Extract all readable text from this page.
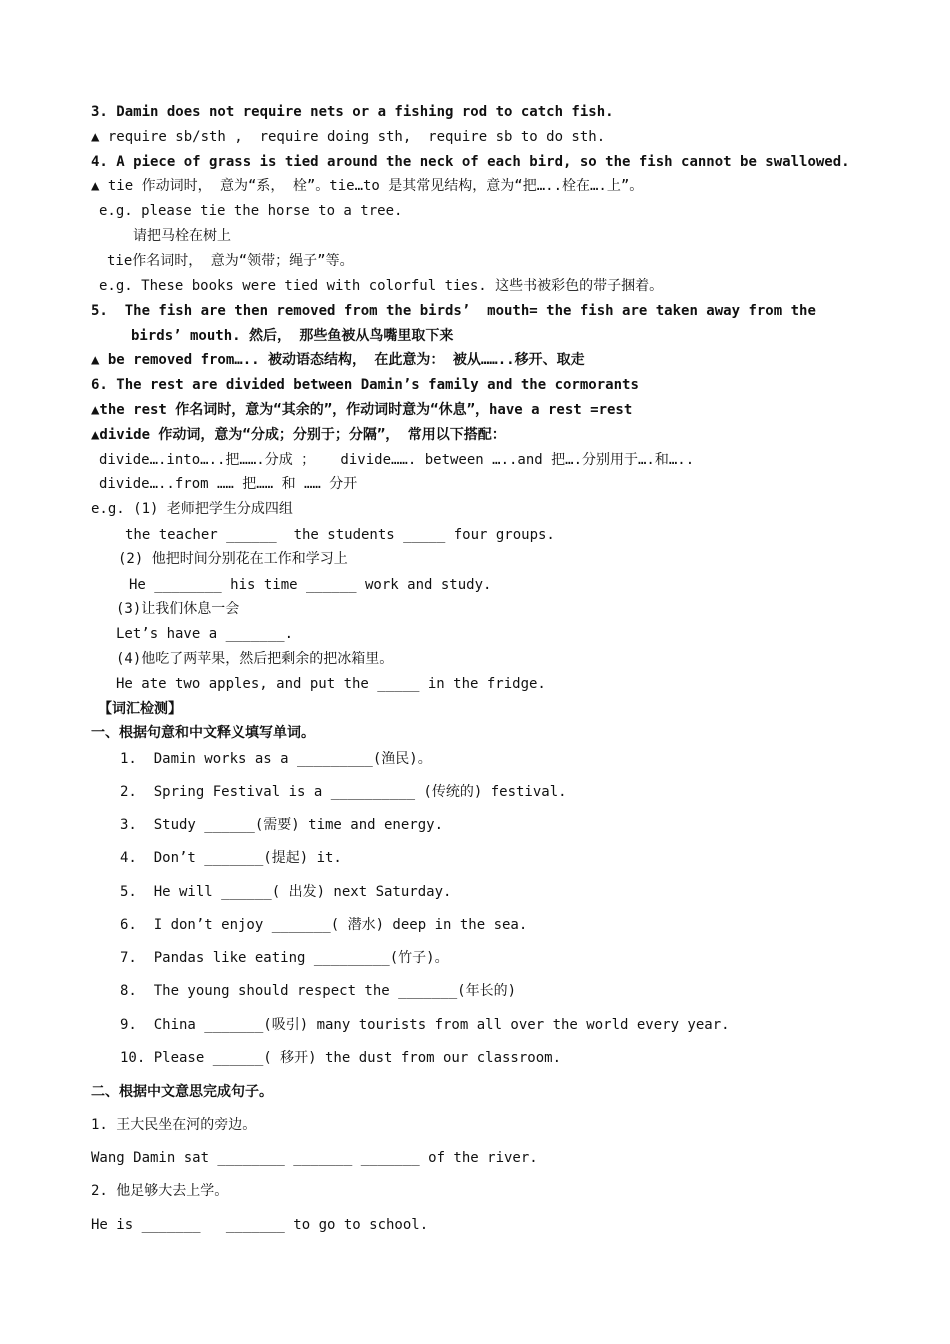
3. Damin does not require nets or a fishing rod to catch fish.
▲ require sb/sth ,  require doing sth,  require sb to do sth.
4. A piece of grass is tied around the neck of each bird, so the fish cannot be swallowed.
▲ tie 作动词时， 意为“系， 栓”。tie…to 是其常见结构，意为“把…..栓在….上”。
e.g. please tie the horse to a tree.
请把马栓在树上
tie作名词时， 意为“领带；绳子”等。
e.g. These books were tied with colorful ties. 这些书被彩色的带子捆着。
5.  The fish are then removed from the birds’  mouth= the fish are taken away from the
birds’ mouth. 然后， 那些鱼被从鸟嘴里取下来
▲ be removed from….. 被动语态结构， 在此意为： 被从……..移开、取走
6. The rest are divided between Damin’s family and the cormorants
▲the rest 作名词时，意为“其余的”，作动词时意为“休息”，have a rest =rest
▲divide 作动词，意为“分成；分别于；分隔”， 常用以下搭配：
divide….into…..把…….分成 ；   divide……. between …..and 把….分别用于….和…..
divide…..from …… 把…… 和 …… 分开
e.g. (1) 老师把学生分成四组
the teacher ______  the students _____ four groups.
(2) 他把时间分别花在工作和学习上
He ________ his time ______ work and study.
(3)让我们休息一会
Let’s have a _______.
(4)他吃了两苹果，然后把剩余的把冰箱里。
He ate two apples, and put the _____ in the fridge.
【词汇检测】
一、根据句意和中文释义填写单词。
1.  Damin works as a _________(渔民)。
2.  Spring Festival is a __________ (传统的) festival.
3.  Study ______(需要) time and energy.
4.  Don’t _______(提起) it.
5.  He will ______( 出发) next Saturday.
6.  I don’t enjoy _______( 潜水) deep in the sea.
7.  Pandas like eating _________(竹子)。
8.  The young should respect the _______(年长的)
9.  China _______(吸引) many tourists from all over the world every year.
10. Please ______( 移开) the dust from our classroom.
二、根据中文意思完成句子。
1. 王大民坐在河的旁边。
Wang Damin sat ________ _______ _______ of the river.
2. 他足够大去上学。
He is _______   _______ to go to school.
